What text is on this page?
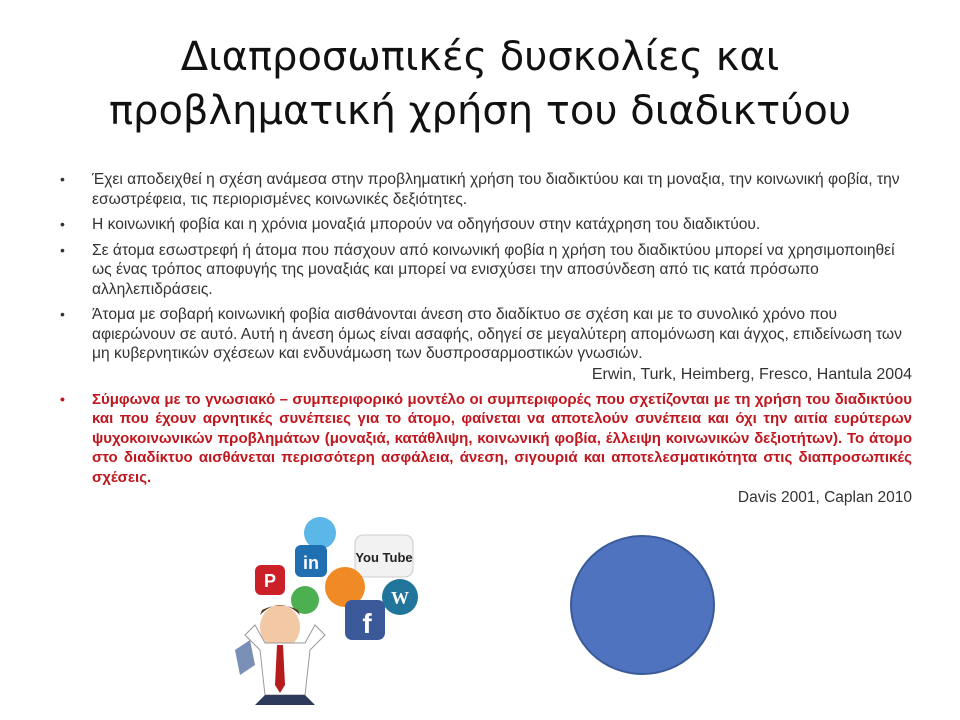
Διαπροσωπικές δυσκολίες και
προβληματική χρήση του διαδικτύου
• Έχει αποδειχθεί η σχέση ανάμεσα στην προβληματική χρήση του διαδικτύου και τη μοναξια, την κοινωνική φοβία, την εσωστρέφεια, τις περιορισμένες κοινωνικές δεξιότητες.
• Η κοινωνική φοβία και η χρόνια μοναξιά μπορούν να οδηγήσουν στην κατάχρηση του διαδικτύου.
• Σε άτομα εσωστρεφή ή άτομα που πάσχουν από κοινωνική φοβία η χρήση του διαδικτύου μπορεί να χρησιμοποιηθεί ως ένας τρόπος αποφυγής της μοναξιάς και μπορεί να ενισχύσει την αποσύνδεση από τις κατά πρόσωπο αλληλεπιδράσεις.
• Άτομα με σοβαρή κοινωνική φοβία αισθάνονται άνεση στο διαδίκτυο σε σχέση και με το συνολικό χρόνο που αφιερώνουν σε αυτό. Αυτή η άνεση όμως είναι ασαφής, οδηγεί σε μεγαλύτερη απομόνωση και άγχος, επιδείνωση των μη κυβερνητικών σχέσεων και ενδυνάμωση των δυσπροσαρμοστικών γνωσιών.
Erwin, Turk, Heimberg, Fresco, Hantula 2004
• Σύμφωνα με το γνωσιακό – συμπεριφορικό μοντέλο οι συμπεριφορές που σχετίζονται με τη χρήση του διαδικτύου και που έχουν αρνητικές συνέπειες για το άτομο, φαίνεται να αποτελούν συνέπεια και όχι την αιτία ευρύτερων ψυχοκοινωνικών προβλημάτων (μοναξιά, κατάθλιψη, κοινωνική φοβία, έλλειψη κοινωνικών δεξιοτήτων). Το άτομο στο διαδίκτυο αισθάνεται περισσότερη ασφάλεια, άνεση, σιγουριά και αποτελεσματικότητα στις διαπροσωπικές σχέσεις.
Davis 2001, Caplan 2010
in	You Tube
P
f
W
